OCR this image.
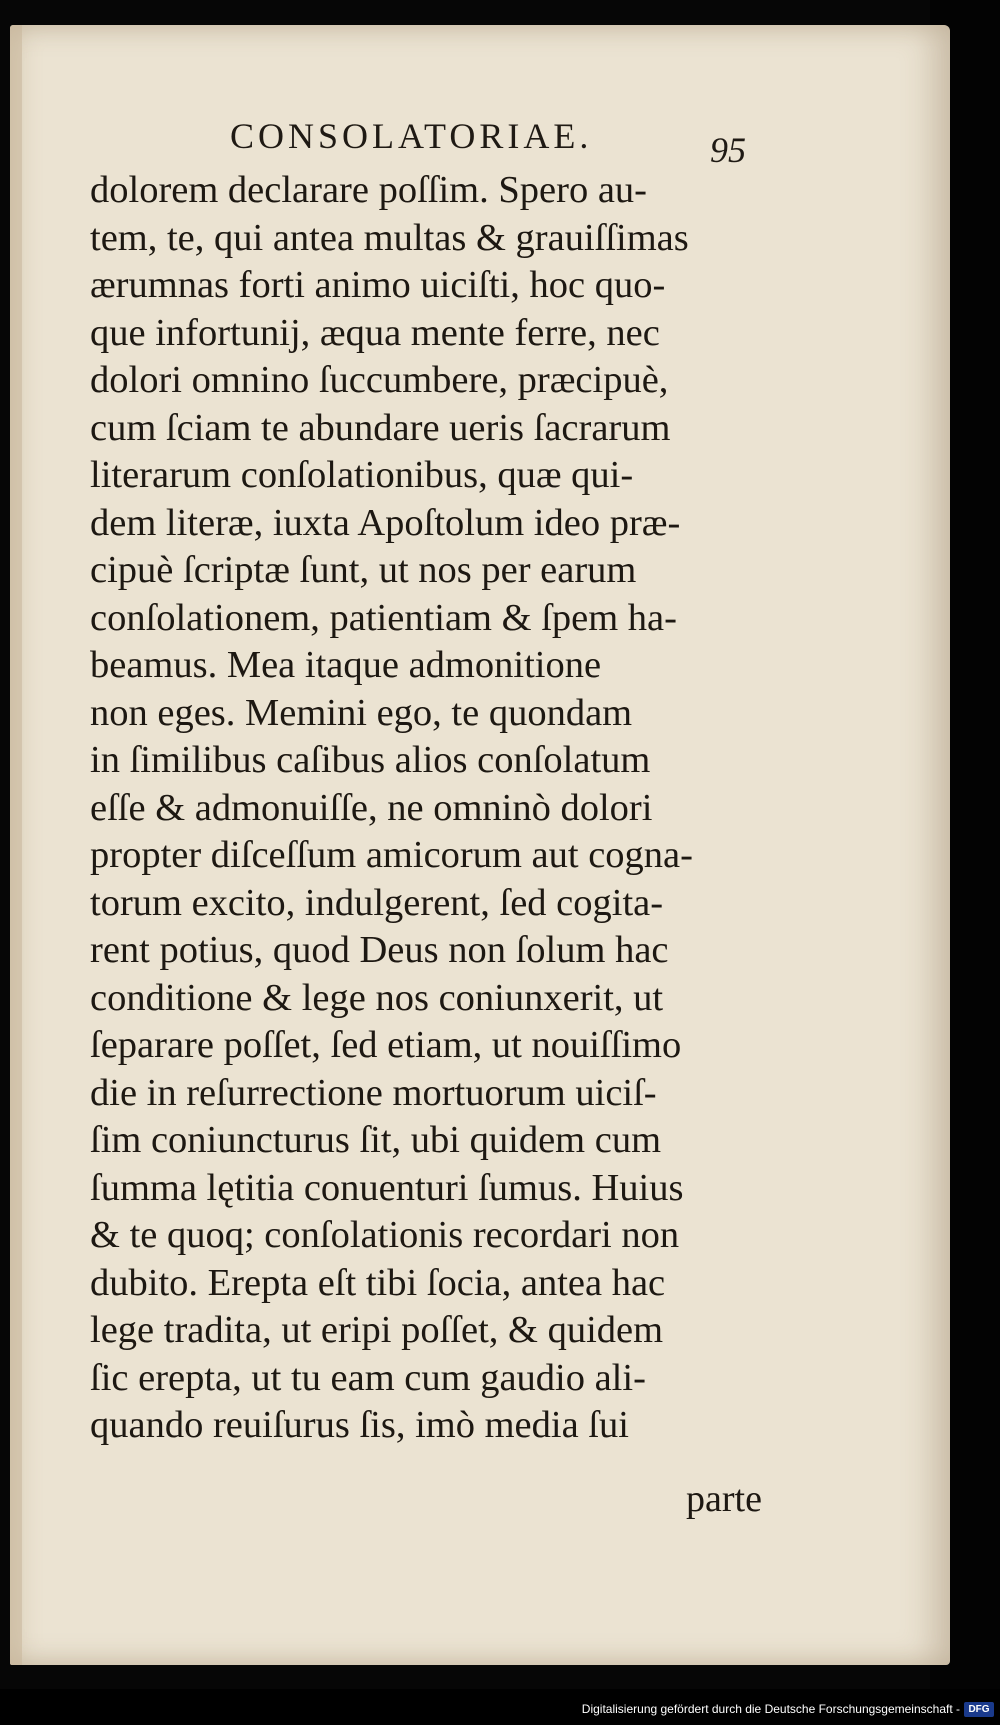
CONSOLATORIAE.	95
dolorem declarare poſſim. Spero au-
tem, te, qui antea multas & grauiſſimas
ærumnas forti animo uiciſti, hoc quo-
que infortunij, æqua mente ferre, nec
dolori omnino ſuccumbere, præcipuè,
cum ſciam te abundare ueris ſacrarum
literarum conſolationibus, quæ qui-
dem literæ, iuxta Apoſtolum ideo præ-
cipuè ſcriptæ ſunt, ut nos per earum
conſolationem, patientiam & ſpem ha-
beamus. Mea itaque admonitione
non eges. Memini ego, te quondam
in ſimilibus caſibus alios conſolatum
eſſe & admonuiſſe, ne omninò dolori
propter diſceſſum amicorum aut cogna-
torum excito, indulgerent, ſed cogita-
rent potius, quod Deus non ſolum hac
conditione & lege nos coniunxerit, ut
ſeparare poſſet, ſed etiam, ut nouiſſimo
die in reſurrectione mortuorum uiciſ-
ſim coniuncturus ſit, ubi quidem cum
ſumma lętitia conuenturi ſumus. Huius
& te quoq; conſolationis recordari non
dubito. Erepta eſt tibi ſocia, antea hac
lege tradita, ut eripi poſſet, & quidem
ſic erepta, ut tu eam cum gaudio ali-
quando reuiſurus ſis, imò media ſui
parte
Digitalisierung gefördert durch die Deutsche Forschungsgemeinschaft - DFG
